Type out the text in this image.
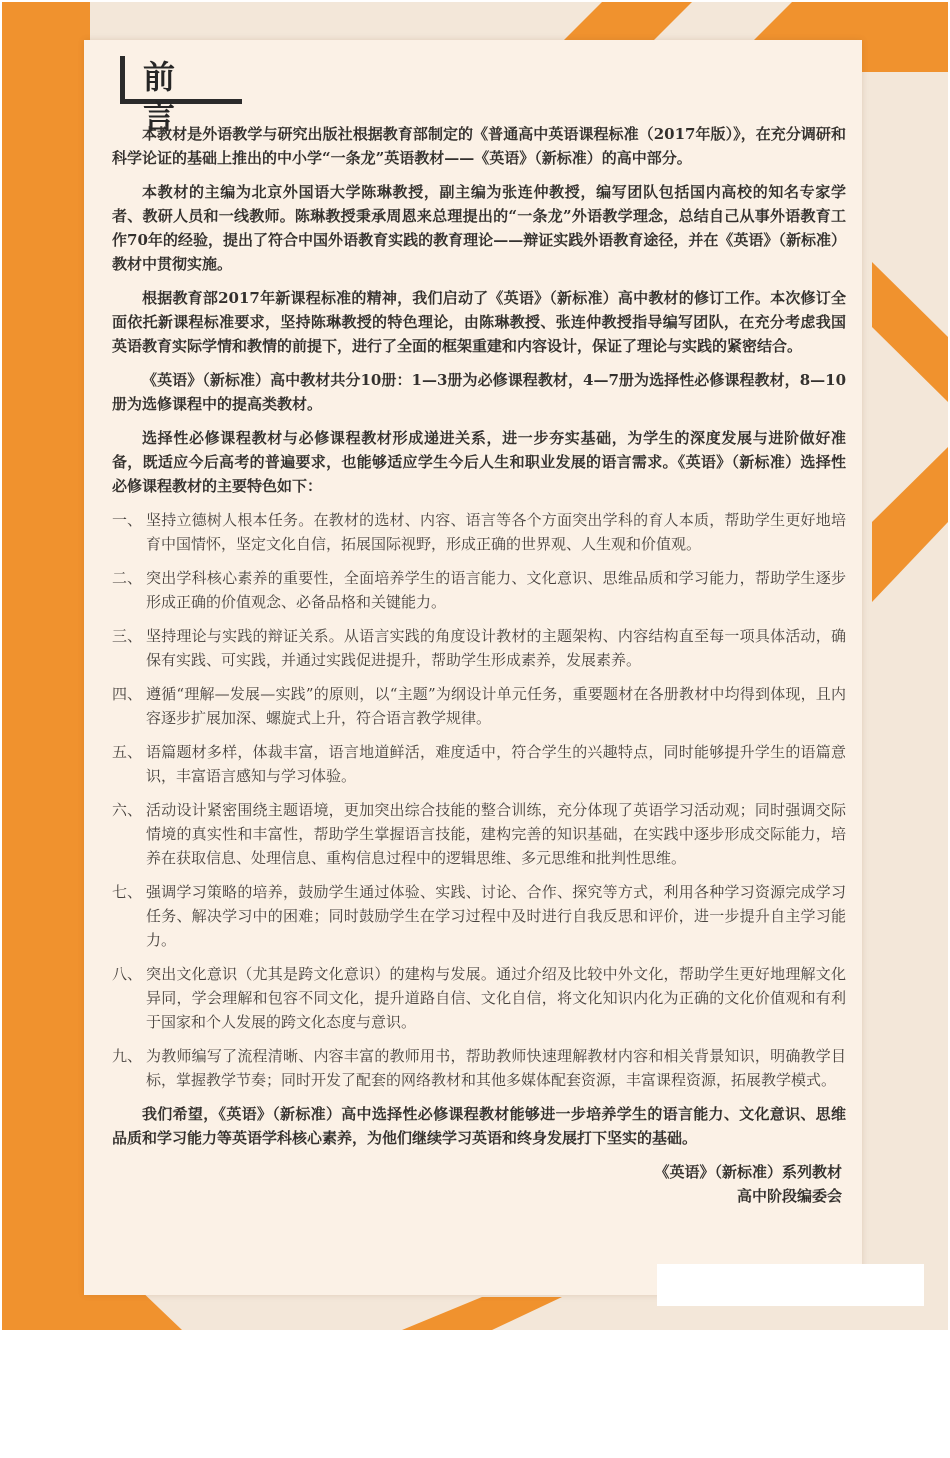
前 言

本教材是外语教学与研究出版社根据教育部制定的《普通高中英语课程标准（2017年版）》，在充分调研和科学论证的基础上推出的中小学“一条龙”英语教材——《英语》（新标准）的高中部分。

本教材的主编为北京外国语大学陈琳教授，副主编为张连仲教授，编写团队包括国内高校的知名专家学者、教研人员和一线教师。陈琳教授秉承周恩来总理提出的“一条龙”外语教学理念，总结自己从事外语教育工作70年的经验，提出了符合中国外语教育实践的教育理论——辩证实践外语教育途径，并在《英语》（新标准）教材中贯彻实施。

根据教育部2017年新课程标准的精神，我们启动了《英语》（新标准）高中教材的修订工作。本次修订全面依托新课程标准要求，坚持陈琳教授的特色理论，由陈琳教授、张连仲教授指导编写团队，在充分考虑我国英语教育实际学情和教情的前提下，进行了全面的框架重建和内容设计，保证了理论与实践的紧密结合。

《英语》（新标准）高中教材共分10册：1—3册为必修课程教材，4—7册为选择性必修课程教材，8—10册为选修课程中的提高类教材。

选择性必修课程教材与必修课程教材形成递进关系，进一步夯实基础，为学生的深度发展与进阶做好准备，既适应今后高考的普遍要求，也能够适应学生今后人生和职业发展的语言需求。《英语》（新标准）选择性必修课程教材的主要特色如下：

一、 坚持立德树人根本任务。在教材的选材、内容、语言等各个方面突出学科的育人本质，帮助学生更好地培育中国情怀，坚定文化自信，拓展国际视野，形成正确的世界观、人生观和价值观。
二、 突出学科核心素养的重要性，全面培养学生的语言能力、文化意识、思维品质和学习能力，帮助学生逐步形成正确的价值观念、必备品格和关键能力。
三、 坚持理论与实践的辩证关系。从语言实践的角度设计教材的主题架构、内容结构直至每一项具体活动，确保有实践、可实践，并通过实践促进提升，帮助学生形成素养，发展素养。
四、 遵循“理解—发展—实践”的原则，以“主题”为纲设计单元任务，重要题材在各册教材中均得到体现，且内容逐步扩展加深、螺旋式上升，符合语言教学规律。
五、 语篇题材多样，体裁丰富，语言地道鲜活，难度适中，符合学生的兴趣特点，同时能够提升学生的语篇意识，丰富语言感知与学习体验。
六、 活动设计紧密围绕主题语境，更加突出综合技能的整合训练，充分体现了英语学习活动观；同时强调交际情境的真实性和丰富性，帮助学生掌握语言技能，建构完善的知识基础，在实践中逐步形成交际能力，培养在获取信息、处理信息、重构信息过程中的逻辑思维、多元思维和批判性思维。
七、 强调学习策略的培养，鼓励学生通过体验、实践、讨论、合作、探究等方式，利用各种学习资源完成学习任务、解决学习中的困难；同时鼓励学生在学习过程中及时进行自我反思和评价，进一步提升自主学习能力。
八、 突出文化意识（尤其是跨文化意识）的建构与发展。通过介绍及比较中外文化，帮助学生更好地理解文化异同，学会理解和包容不同文化，提升道路自信、文化自信，将文化知识内化为正确的文化价值观和有利于国家和个人发展的跨文化态度与意识。
九、 为教师编写了流程清晰、内容丰富的教师用书，帮助教师快速理解教材内容和相关背景知识，明确教学目标，掌握教学节奏；同时开发了配套的网络教材和其他多媒体配套资源，丰富课程资源，拓展教学模式。

我们希望，《英语》（新标准）高中选择性必修课程教材能够进一步培养学生的语言能力、文化意识、思维品质和学习能力等英语学科核心素养，为他们继续学习英语和终身发展打下坚实的基础。

《英语》（新标准）系列教材
高中阶段编委会
